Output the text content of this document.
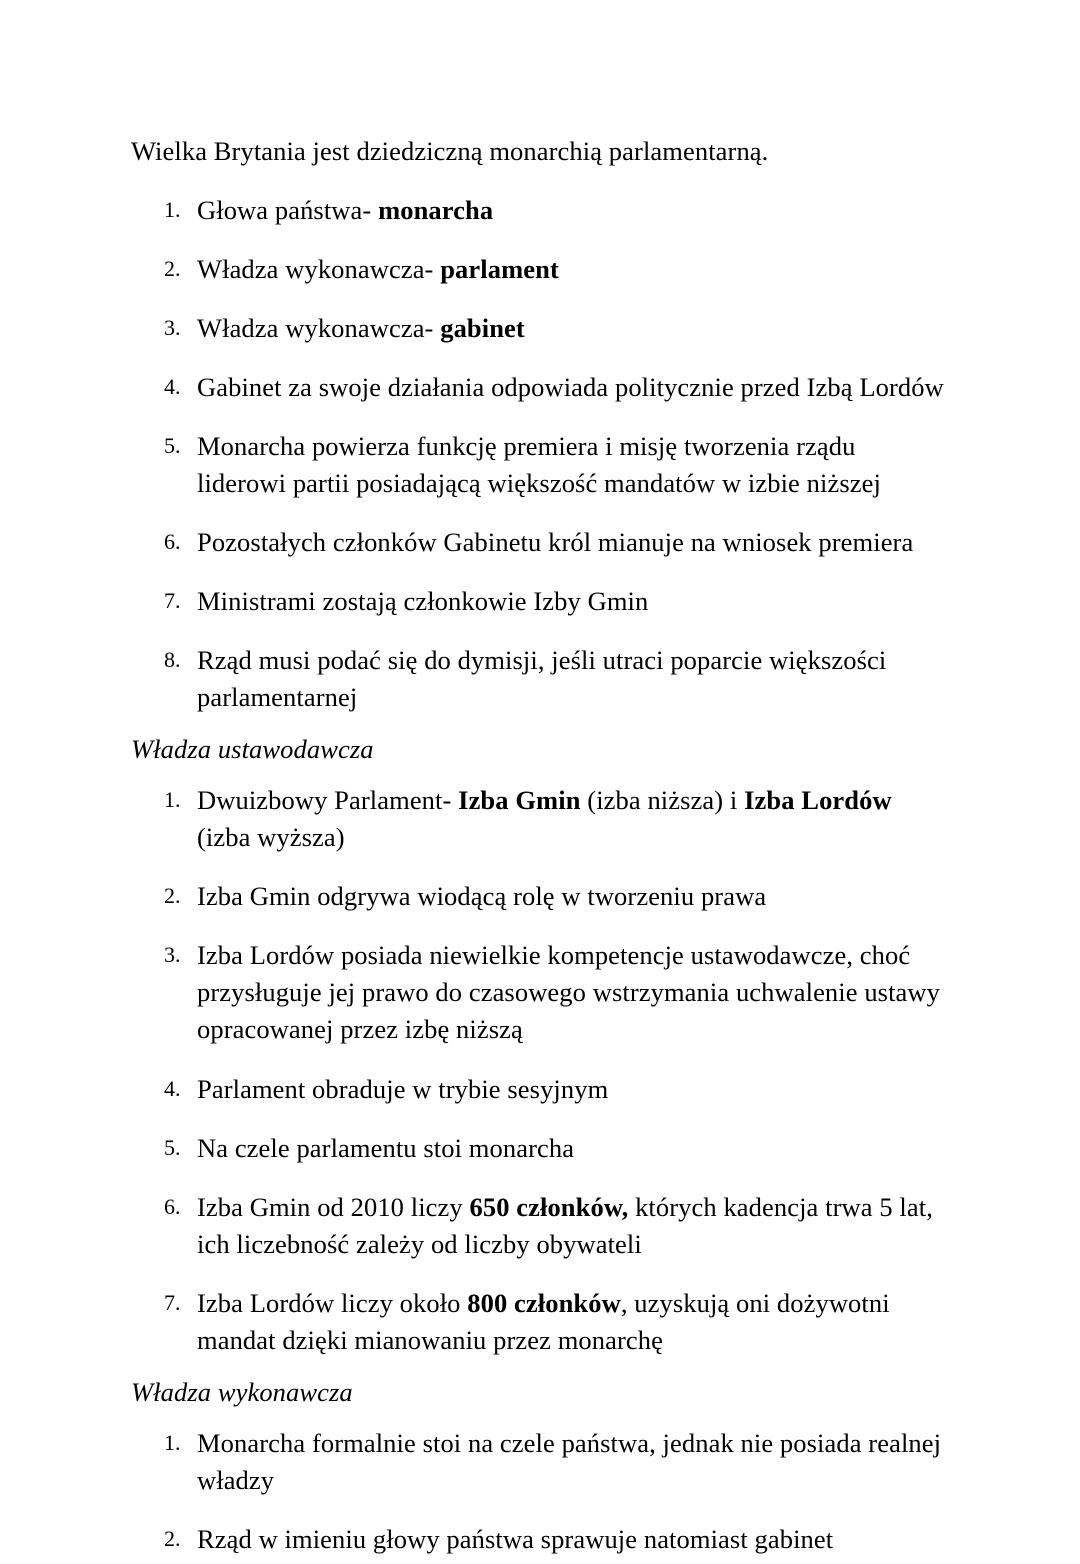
Wielka Brytania jest dziedziczną monarchią parlamentarną.

1. Głowa państwa- monarcha
2. Władza wykonawcza- parlament
3. Władza wykonawcza- gabinet
4. Gabinet za swoje działania odpowiada politycznie przed Izbą Lordów
5. Monarcha powierza funkcję premiera i misję tworzenia rządu liderowi partii posiadającą większość mandatów w izbie niższej
6. Pozostałych członków Gabinetu król mianuje na wniosek premiera
7. Ministrami zostają członkowie Izby Gmin
8. Rząd musi podać się do dymisji, jeśli utraci poparcie większości parlamentarnej
Władza ustawodawcza
1. Dwuizbowy Parlament- Izba Gmin (izba niższa) i Izba Lordów (izba wyższa)
2. Izba Gmin odgrywa wiodącą rolę w tworzeniu prawa
3. Izba Lordów posiada niewielkie kompetencje ustawodawcze, choć przysługuje jej prawo do czasowego wstrzymania uchwalenie ustawy opracowanej przez izbę niższą
4. Parlament obraduje w trybie sesyjnym
5. Na czele parlamentu stoi monarcha
6. Izba Gmin od 2010 liczy 650 członków, których kadencja trwa 5 lat, ich liczebność zależy od liczby obywateli
7. Izba Lordów liczy około 800 członków, uzyskują oni dożywotni mandat dzięki mianowaniu przez monarchę
Władza wykonawcza
1. Monarcha formalnie stoi na czele państwa, jednak nie posiada realnej władzy
2. Rząd w imieniu głowy państwa sprawuje natomiast gabinet
